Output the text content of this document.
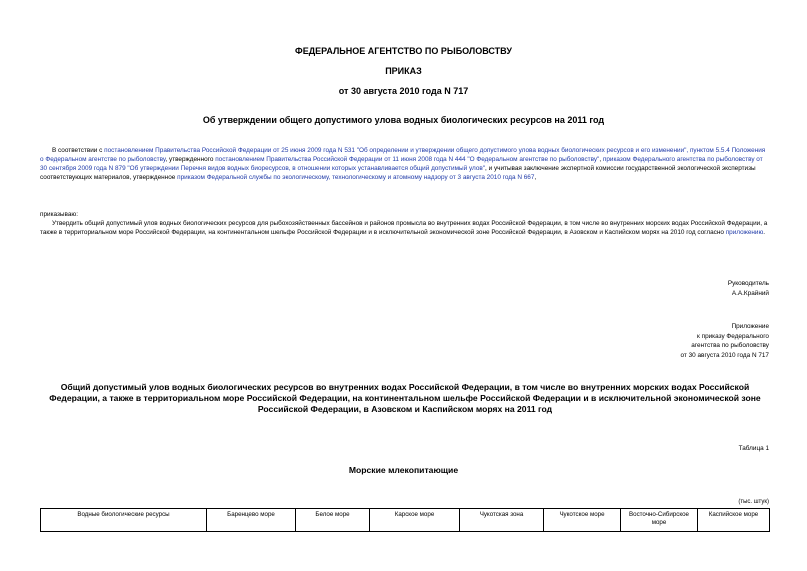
ФЕДЕРАЛЬНОЕ АГЕНТСТВО ПО РЫБОЛОВСТВУ
ПРИКАЗ
от 30 августа 2010 года N 717
Об утверждении общего допустимого улова водных биологических ресурсов на 2011 год
В соответствии с постановлением Правительства Российской Федерации от 25 июня 2009 года N 531 "Об определении и утверждении общего допустимого улова водных биологических ресурсов и его изменении", пунктом 5.5.4 Положения о Федеральном агентстве по рыболовству, утвержденного постановлением Правительства Российской Федерации от 11 июня 2008 года N 444 "О Федеральном агентстве по рыболовству", приказом Федерального агентства по рыболовству от 30 сентября 2009 года N 879 "Об утверждении Перечня видов водных биоресурсов, в отношении которых устанавливается общий допустимый улов", и учитывая заключение экспертной комиссии государственной экологической экспертизы соответствующих материалов, утвержденное приказом Федеральной службы по экологическому, технологическому и атомному надзору от 3 августа 2010 года N 667,
приказываю:
Утвердить общий допустимый улов водных биологических ресурсов для рыбохозяйственных бассейнов и районов промысла во внутренних водах Российской Федерации, в том числе во внутренних морских водах Российской Федерации, а также в территориальном море Российской Федерации, на континентальном шельфе Российской Федерации и в исключительной экономической зоне Российской Федерации, в Азовском и Каспийском морях на 2010 год согласно приложению.
Руководитель
А.А.Крайний
Приложение
к приказу Федерального
агентства по рыболовству
от 30 августа 2010 года N 717
Общий допустимый улов водных биологических ресурсов во внутренних водах Российской Федерации, в том числе во внутренних морских водах Российской Федерации, а также в территориальном море Российской Федерации, на континентальном шельфе Российской Федерации и в исключительной экономической зоне Российской Федерации, в Азовском и Каспийском морях на 2011 год
Таблица 1
Морские млекопитающие
(тыс. штук)
Водные биологические ресурсы	Баренцево море	Белое море	Карское море	Чукотская зона	Чукотское море	Восточно-Сибирское море	Каспийское море
